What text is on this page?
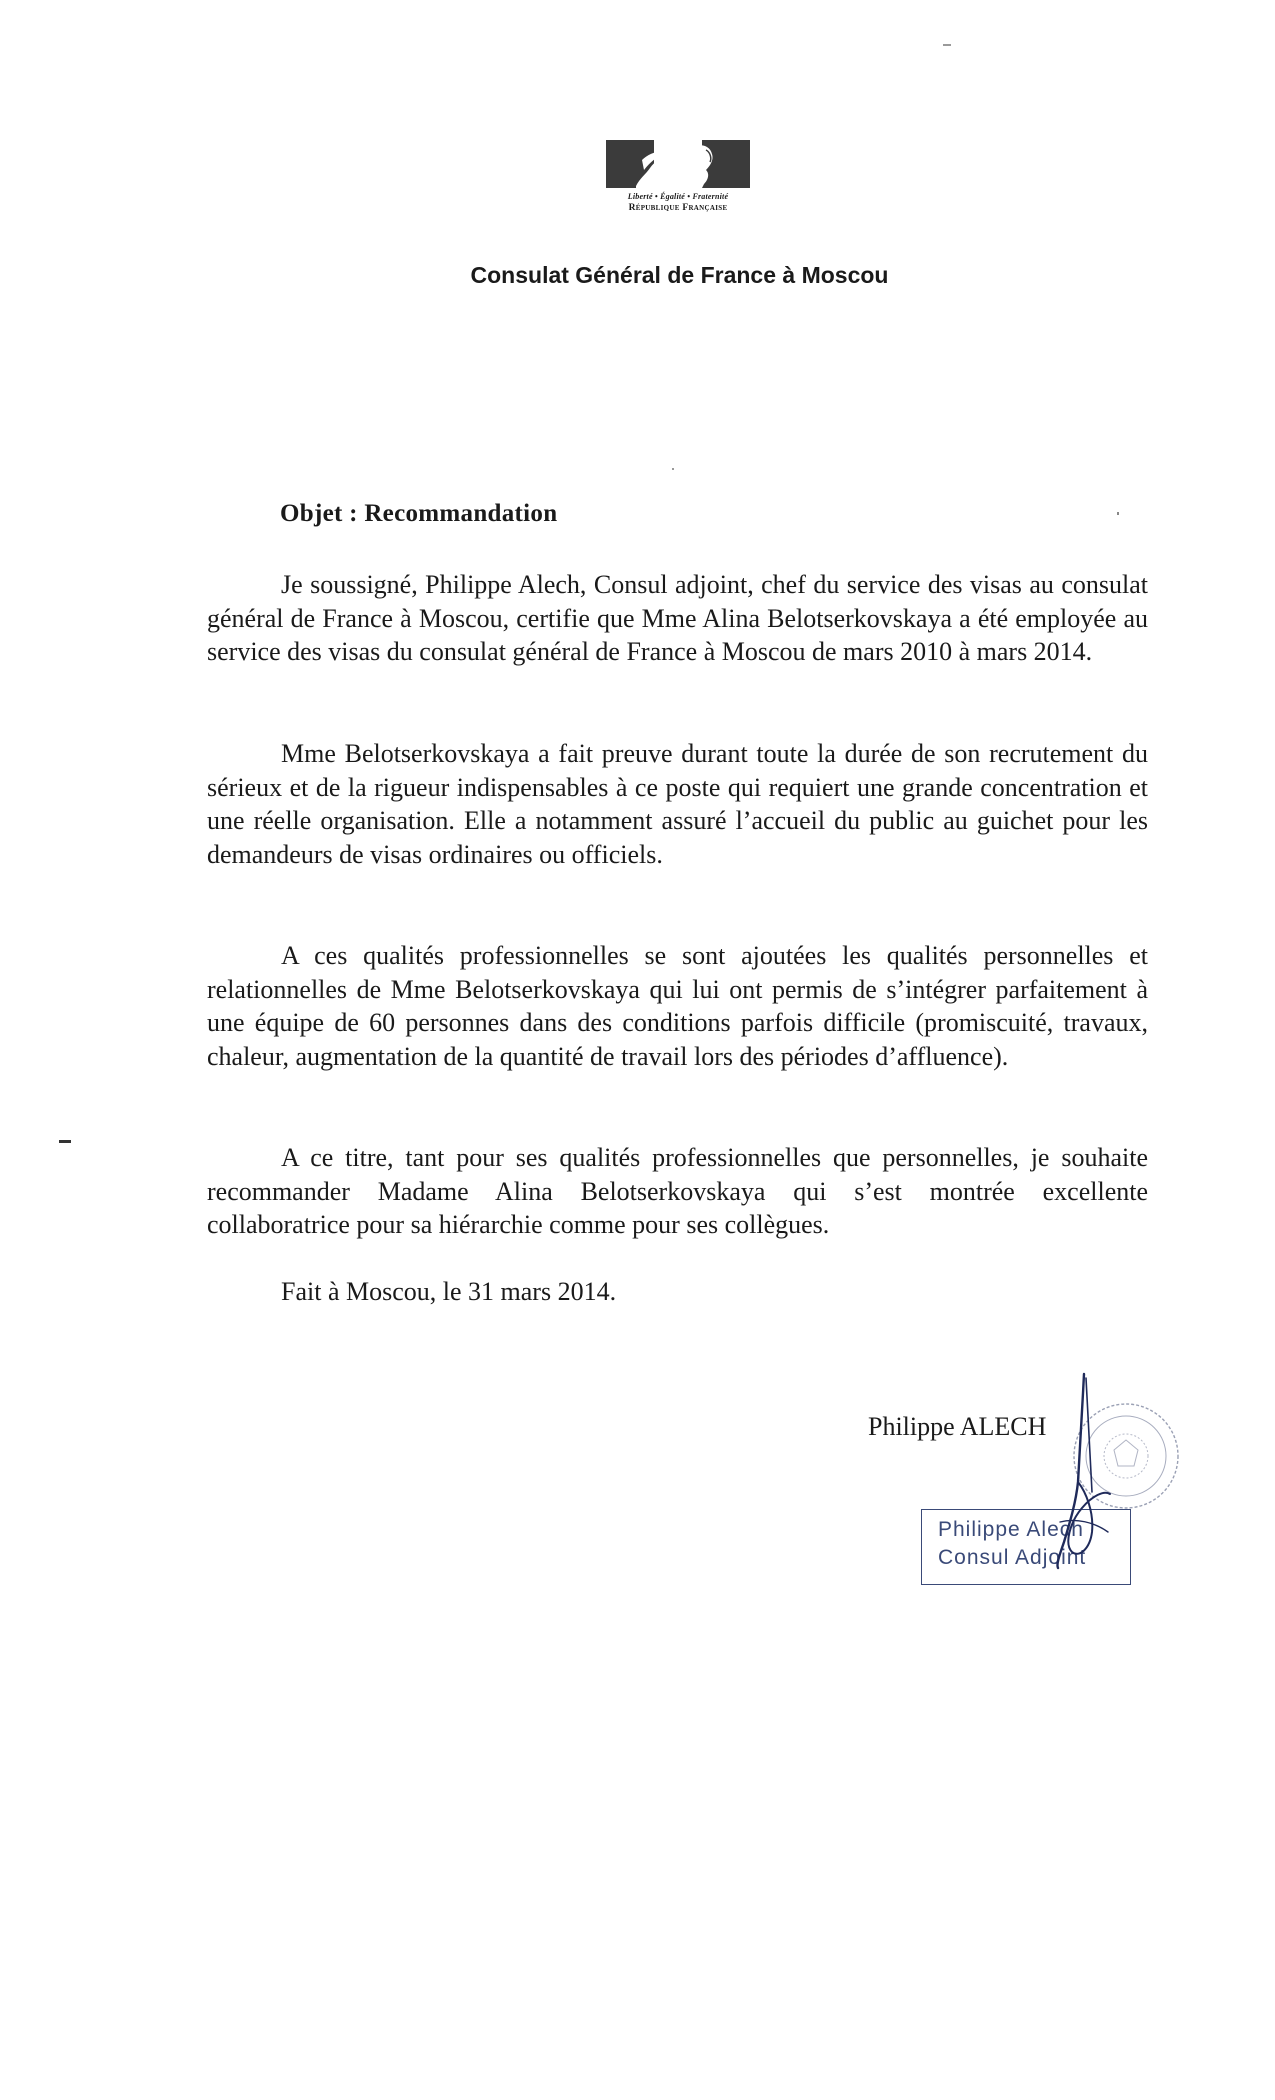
Liberté • Égalité • Fraternité
République Française
Consulat Général de France à Moscou
Objet : Recommandation

Je soussigné, Philippe Alech, Consul adjoint, chef du service des visas au consulat général de France à Moscou, certifie que Mme Alina Belotserkovskaya a été employée au service des visas du consulat général de France à Moscou de mars 2010 à mars 2014.

Mme Belotserkovskaya a fait preuve durant toute la durée de son recrutement du sérieux et de la rigueur indispensables à ce poste qui requiert une grande concentration et une réelle organisation. Elle a notamment assuré l’accueil du public au guichet pour les demandeurs de visas ordinaires ou officiels.

A ces qualités professionnelles se sont ajoutées les qualités personnelles et relationnelles de Mme Belotserkovskaya qui lui ont permis de s’intégrer parfaitement à une équipe de 60 personnes dans des conditions parfois difficile (promiscuité, travaux, chaleur, augmentation de la quantité de travail lors des périodes d’affluence).

A ce titre, tant pour ses qualités professionnelles que personnelles, je souhaite recommander Madame Alina Belotserkovskaya qui s’est montrée excellente collaboratrice pour sa hiérarchie comme pour ses collègues.

Fait à Moscou, le 31 mars 2014.

Philippe ALECH
Philippe Alech
Consul Adjoint
